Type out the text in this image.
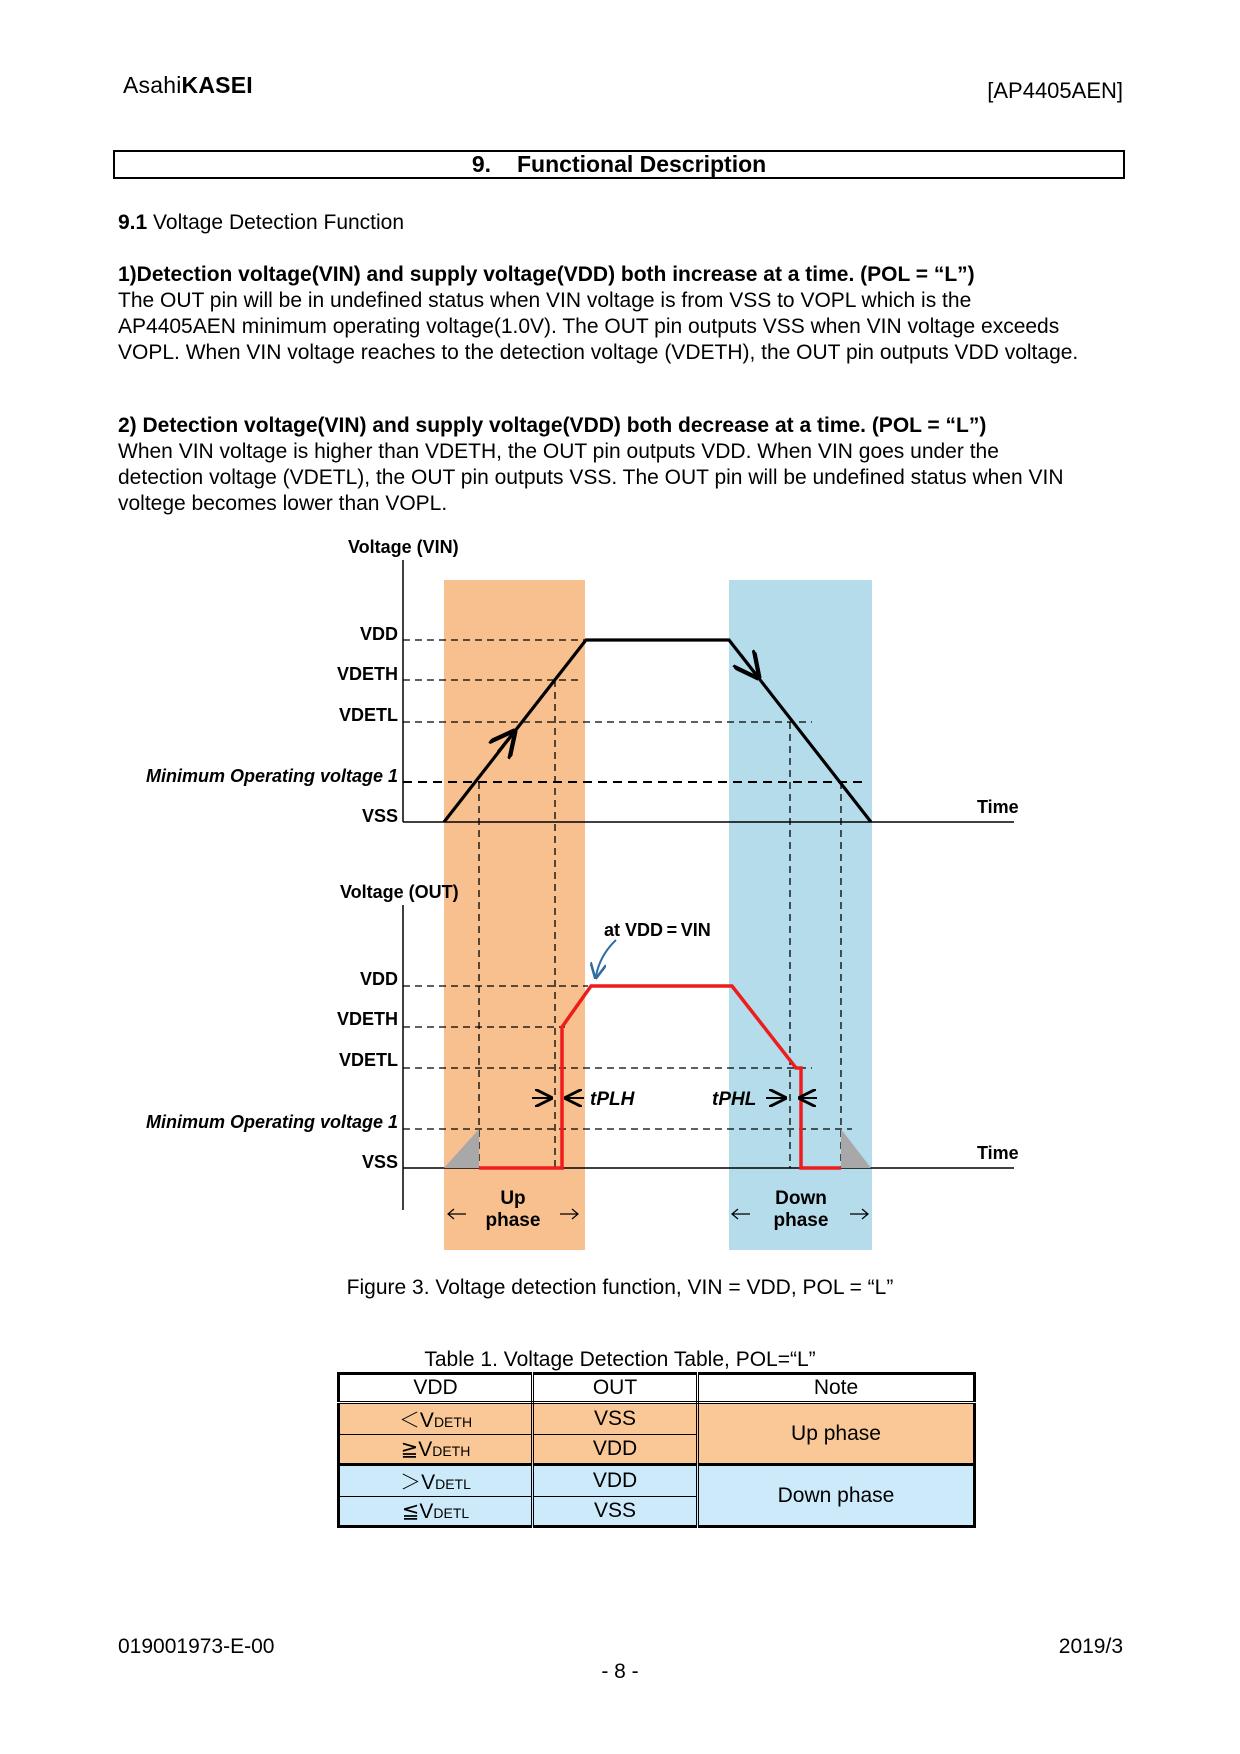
AsahiKASEI	[AP4405AEN]
9. Functional Description
9.1 Voltage Detection Function
1)Detection voltage(VIN) and supply voltage(VDD) both increase at a time. (POL = “L”)
The OUT pin will be in undefined status when VIN voltage is from VSS to VOPL which is the
AP4405AEN minimum operating voltage(1.0V). The OUT pin outputs VSS when VIN voltage exceeds
VOPL. When VIN voltage reaches to the detection voltage (VDETH), the OUT pin outputs VDD voltage.
2) Detection voltage(VIN) and supply voltage(VDD) both decrease at a time. (POL = “L”)
When VIN voltage is higher than VDETH, the OUT pin outputs VDD. When VIN goes under the
detection voltage (VDETL), the OUT pin outputs VSS. The OUT pin will be undefined status when VIN
voltege becomes lower than VOPL.
at VDD = VIN
tPLH	tPHL
Voltage (VIN)
Voltage (OUT)
VDD
VDETH
VDETL
Minimum Operating voltage 1
VSS
VDD
VDETH
VDETL
Minimum Operating voltage 1
VSS
Time
Time
Up
phase
Down
phase
Figure 3. Voltage detection function, VIN = VDD, POL = “L”
Table 1. Voltage Detection Table, POL=“L”
VDD	OUT	Note
＜VDETH	VSS	Up phase
≧VDETH	VDD	
＞VDETL	VDD	Down phase
≦VDETL	VSS	
019001973-E-00	2019/3
- 8 -
